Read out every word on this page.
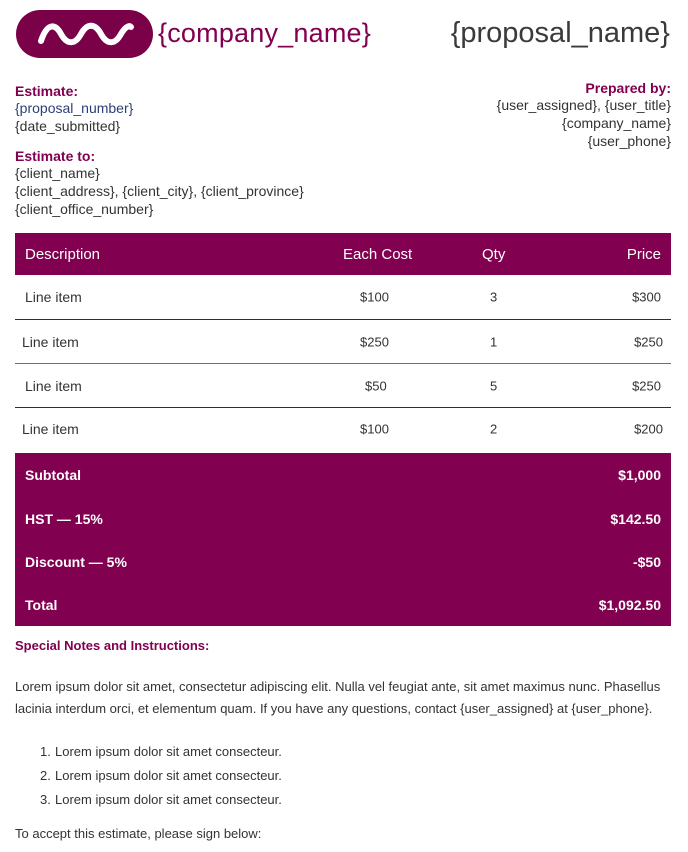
{company_name}	{proposal_name}
Estimate:
{proposal_number}
{date_submitted}
Estimate to:
{client_name}
{client_address}, {client_city}, {client_province}
{client_office_number}
Prepared by:
{user_assigned}, {user_title}
{company_name}
{user_phone}
Description	Each Cost	Qty	Price
Line item	$100	3	$300
Line item	$250	1	$250
Line item	$50	5	$250
Line item	$100	2	$200
Subtotal	$1,000
HST — 15%	$142.50
Discount — 5%	-$50
Total	$1,092.50
Special Notes and Instructions:
Lorem ipsum dolor sit amet, consectetur adipiscing elit. Nulla vel feugiat ante, sit amet maximus nunc. Phasellus lacinia interdum orci, et elementum quam. If you have any questions, contact {user_assigned} at {user_phone}.
1. Lorem ipsum dolor sit amet consecteur.
2. Lorem ipsum dolor sit amet consecteur.
3. Lorem ipsum dolor sit amet consecteur.
To accept this estimate, please sign below:
